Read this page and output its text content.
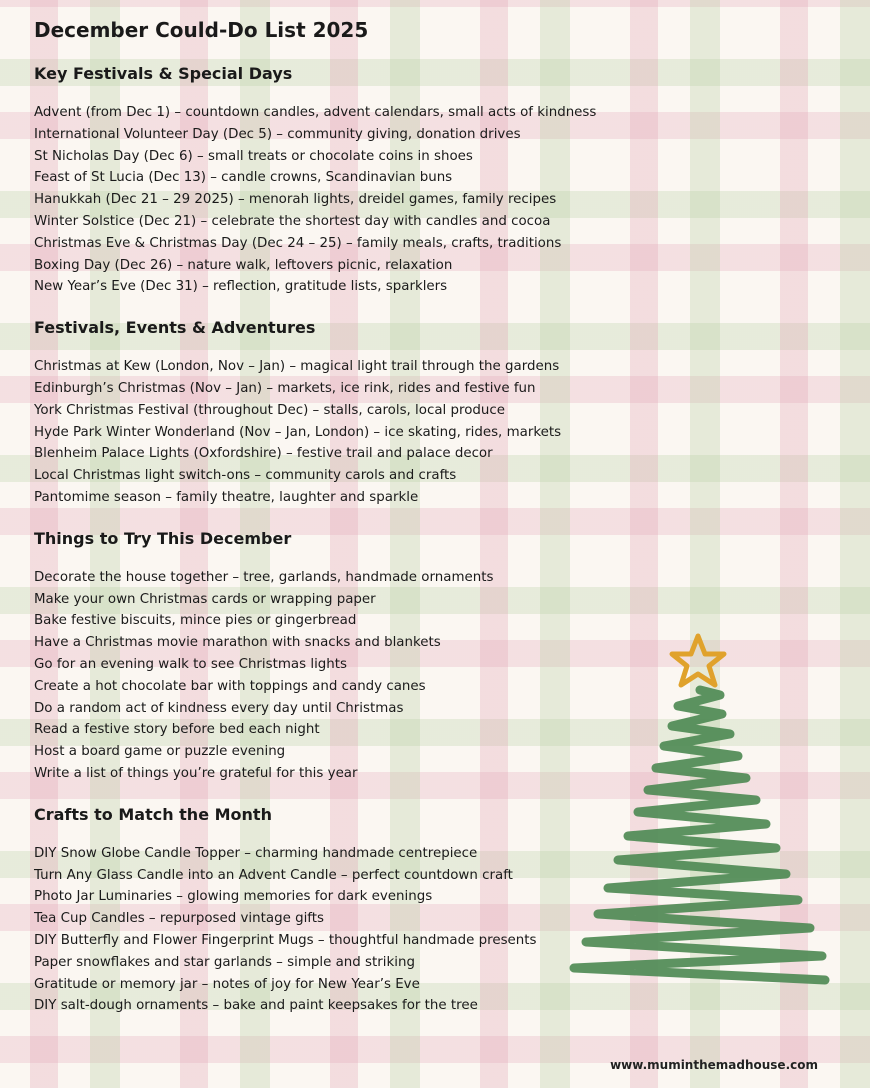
December Could-Do List 2025
Key Festivals & Special Days
Advent (from Dec 1) – countdown candles, advent calendars, small acts of kindness
International Volunteer Day (Dec 5) – community giving, donation drives
St Nicholas Day (Dec 6) – small treats or chocolate coins in shoes
Feast of St Lucia (Dec 13) – candle crowns, Scandinavian buns
Hanukkah (Dec 21 – 29 2025) – menorah lights, dreidel games, family recipes
Winter Solstice (Dec 21) – celebrate the shortest day with candles and cocoa
Christmas Eve & Christmas Day (Dec 24 – 25) – family meals, crafts, traditions
Boxing Day (Dec 26) – nature walk, leftovers picnic, relaxation
New Year’s Eve (Dec 31) – reflection, gratitude lists, sparklers
Festivals, Events & Adventures
Christmas at Kew (London, Nov – Jan) – magical light trail through the gardens
Edinburgh’s Christmas (Nov – Jan) – markets, ice rink, rides and festive fun
York Christmas Festival (throughout Dec) – stalls, carols, local produce
Hyde Park Winter Wonderland (Nov – Jan, London) – ice skating, rides, markets
Blenheim Palace Lights (Oxfordshire) – festive trail and palace decor
Local Christmas light switch-ons – community carols and crafts
Pantomime season – family theatre, laughter and sparkle
Things to Try This December
Decorate the house together – tree, garlands, handmade ornaments
Make your own Christmas cards or wrapping paper
Bake festive biscuits, mince pies or gingerbread
Have a Christmas movie marathon with snacks and blankets
Go for an evening walk to see Christmas lights
Create a hot chocolate bar with toppings and candy canes
Do a random act of kindness every day until Christmas
Read a festive story before bed each night
Host a board game or puzzle evening
Write a list of things you’re grateful for this year
Crafts to Match the Month
DIY Snow Globe Candle Topper – charming handmade centrepiece
Turn Any Glass Candle into an Advent Candle – perfect countdown craft
Photo Jar Luminaries – glowing memories for dark evenings
Tea Cup Candles – repurposed vintage gifts
DIY Butterfly and Flower Fingerprint Mugs – thoughtful handmade presents
Paper snowflakes and star garlands – simple and striking
Gratitude or memory jar – notes of joy for New Year’s Eve
DIY salt-dough ornaments – bake and paint keepsakes for the tree
www.muminthemadhouse.com
